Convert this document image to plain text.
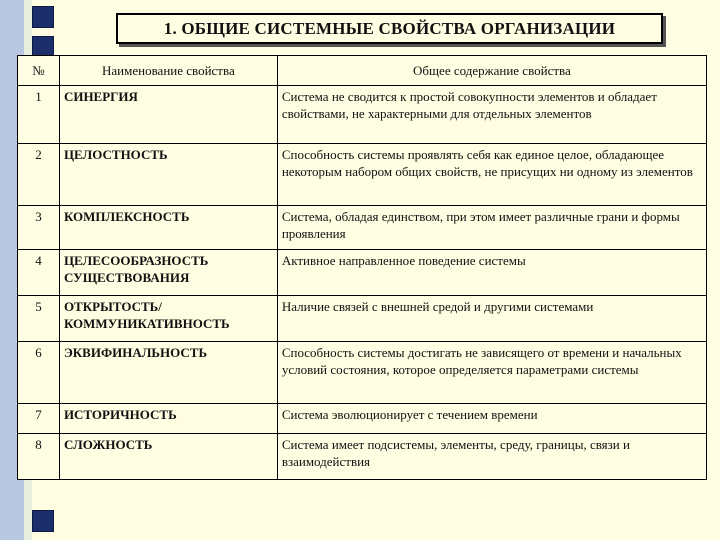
1. ОБЩИЕ СИСТЕМНЫЕ СВОЙСТВА ОРГАНИЗАЦИИ
№	Наименование свойства	Общее содержание свойства
1	СИНЕРГИЯ	Система не сводится к простой совокупности элементов и обладает свойствами, не характерными для отдельных элементов
2	ЦЕЛОСТНОСТЬ	Способность системы проявлять себя как единое целое, обладающее некоторым набором общих свойств, не присущих ни одному из элементов
3	КОМПЛЕКСНОСТЬ	Система, обладая единством, при этом имеет различные грани и формы проявления
4	ЦЕЛЕСООБРАЗНОСТЬ СУЩЕСТВОВАНИЯ	Активное направленное поведение системы
5	ОТКРЫТОСТЬ/ КОММУНИКАТИВНОСТЬ	Наличие связей с внешней средой и другими системами
6	ЭКВИФИНАЛЬНОСТЬ	Способность системы достигать не зависящего от времени и начальных условий состояния, которое определяется параметрами системы
7	ИСТОРИЧНОСТЬ	Система эволюционирует с течением времени
8	СЛОЖНОСТЬ	Система имеет подсистемы, элементы, среду, границы, связи и взаимодействия
